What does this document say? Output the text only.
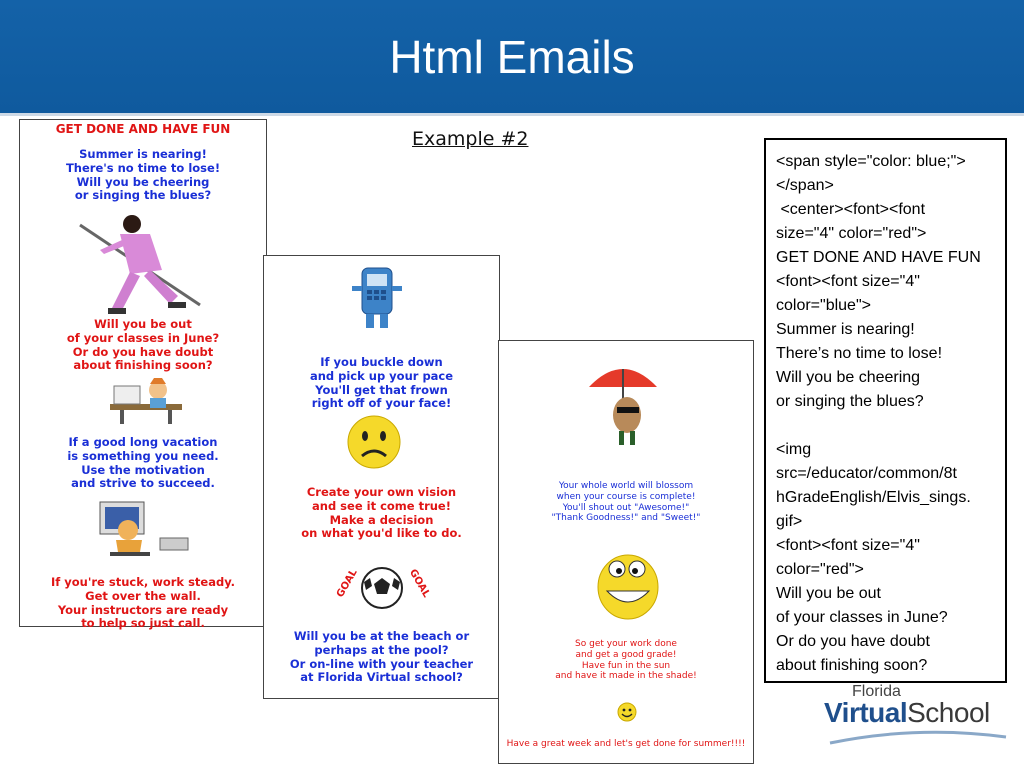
Html Emails
Example #2
GET DONE AND HAVE FUN
Summer is nearing!
There's no time to lose!
Will you be cheering
or singing the blues?
Will you be out
of your classes in June?
Or do you have doubt
about finishing soon?
If a good long vacation
is something you need.
Use the motivation
and strive to succeed.
If you're stuck, work steady.
Get over the wall.
Your instructors are ready
to help so just call.
If you buckle down
and pick up your pace
You'll get that frown
right off of your face!
Create your own vision
and see it come true!
Make a decision
on what you'd like to do.
GOAL	GOAL
Will you be at the beach or
perhaps at the pool?
Or on-line with your teacher
at Florida Virtual school?
Your whole world will blossom
when your course is complete!
You'll shout out "Awesome!"
"Thank Goodness!" and "Sweet!"
So get your work done
and get a good grade!
Have fun in the sun
and have it made in the shade!
Have a great week and let's get done for summer!!!!
<span style="color: blue;">
</span>
<center><font><font
size="4" color="red">
GET DONE AND HAVE FUN
<font><font size="4"
color="blue">
Summer is nearing!
There’s no time to lose!
Will you be cheering
or singing the blues?
<img
src=/educator/common/8t
hGradeEnglish/Elvis_sings.
gif>
<font><font size="4"
color="red">
Will you be out
of your classes in June?
Or do you have doubt
about finishing soon?
Florida
VirtualSchool
